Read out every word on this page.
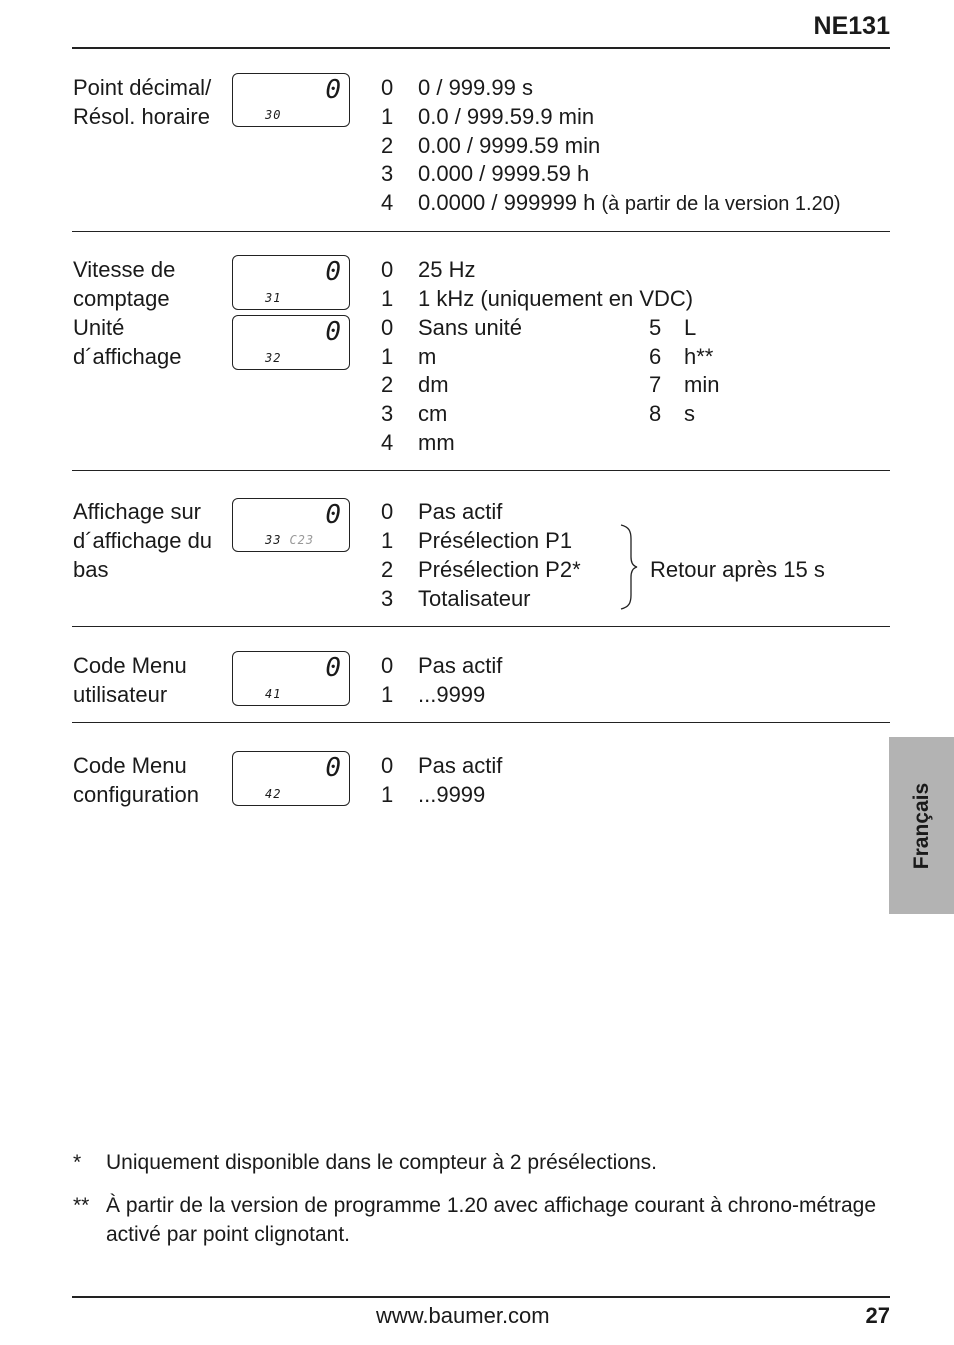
NE131
Point décimal/
Résol. horaire
0
30
0 0 / 999.99 s
1 0.0 / 999.59.9 min
2 0.00 / 9999.59 min
3 0.000 / 9999.59 h
4 0.0000 / 999999 h (à partir de la version 1.20)
Vitesse de
comptage
Unité
d´affichage
0
31
0
32
0 25 Hz
1 1 kHz (uniquement en VDC)
0 Sans unité
1 m
2 dm
3 cm
4 mm
5 L
6 h**
7 min
8 s
Affichage sur
d´affichage du
bas
0
33 C23
0 Pas actif
1 Présélection P1
2 Présélection P2*
3 Totalisateur
Retour après 15 s
Code Menu
utilisateur
0
41
0 Pas actif
1 ...9999
Code Menu
configuration
0
42
0 Pas actif
1 ...9999	Français
* Uniquement disponible dans le compteur à 2 présélections.
** À partir de la version de programme 1.20 avec affichage courant à chrono-métrage activé par point clignotant.
www.baumer.com	27
